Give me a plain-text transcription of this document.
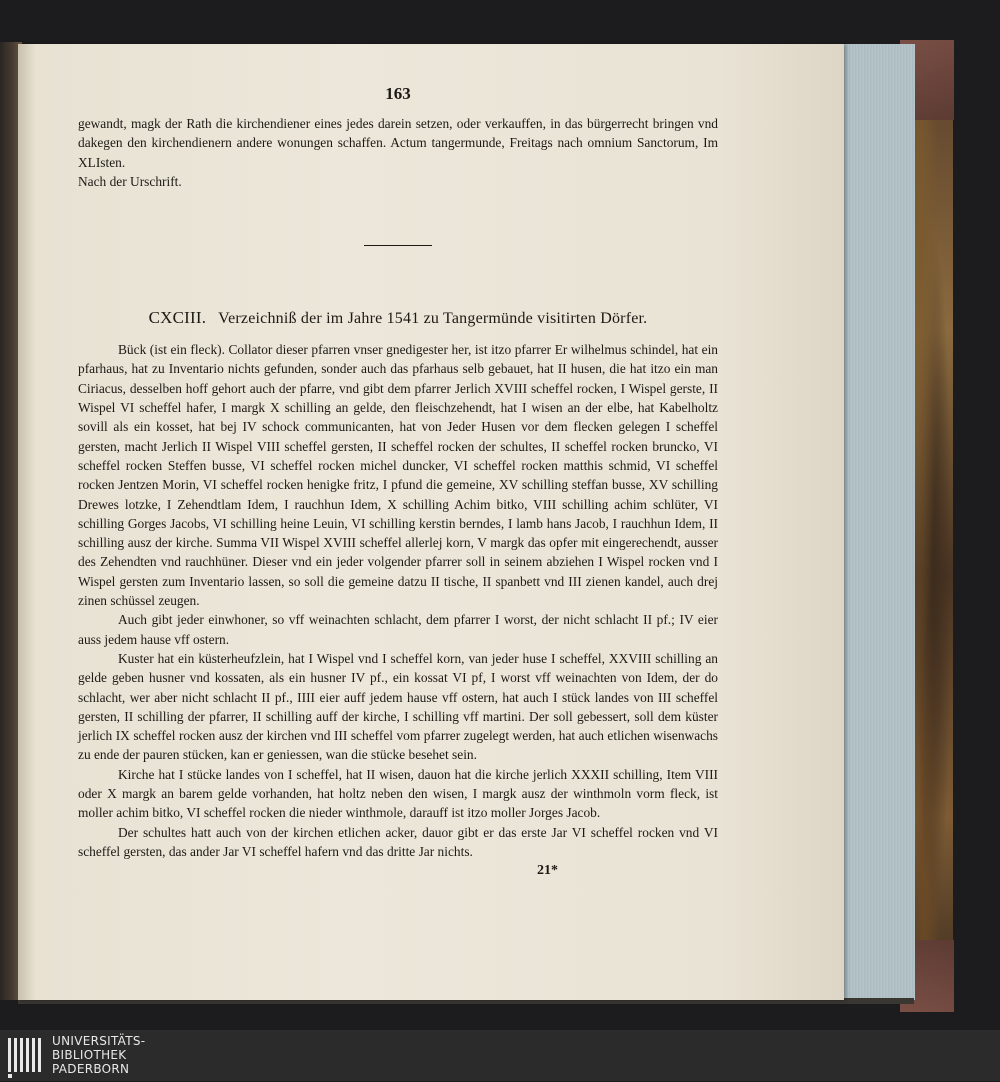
163

gewandt, magk der Rath die kirchendiener eines jedes darein setzen, oder verkauffen, in das bürgerrecht bringen vnd dakegen den kirchendienern andere wonungen schaffen. Actum tangermunde, Freitags nach omnium Sanctorum, Im XLIsten.

Nach der Urschrift.

CXCIII. Verzeichniß der im Jahre 1541 zu Tangermünde visitirten Dörfer.

Bück (ist ein fleck). Collator dieser pfarren vnser gnedigester her, ist itzo pfarrer Er wilhelmus schindel, hat ein pfarhaus, hat zu Inventario nichts gefunden, sonder auch das pfarhaus selb gebauet, hat II husen, die hat itzo ein man Ciriacus, desselben hoff gehort auch der pfarre, vnd gibt dem pfarrer Jerlich XVIII scheffel rocken, I Wispel gerste, II Wispel VI scheffel hafer, I margk X schilling an gelde, den fleischzehendt, hat I wisen an der elbe, hat Kabelholtz sovill als ein kosset, hat bej IV schock communicanten, hat von Jeder Husen vor dem flecken gelegen I scheffel gersten, macht Jerlich II Wispel VIII scheffel gersten, II scheffel rocken der schultes, II scheffel rocken bruncko, VI scheffel rocken Steffen busse, VI scheffel rocken michel duncker, VI scheffel rocken matthis schmid, VI scheffel rocken Jentzen Morin, VI scheffel rocken henigke fritz, I pfund die gemeine, XV schilling steffan busse, XV schilling Drewes lotzke, I Zehendtlam Idem, I rauchhun Idem, X schilling Achim bitko, VIII schilling achim schlüter, VI schilling Gorges Jacobs, VI schilling heine Leuin, VI schilling kerstin berndes, I lamb hans Jacob, I rauchhun Idem, II schilling ausz der kirche. Summa VII Wispel XVIII scheffel allerlej korn, V margk das opfer mit eingerechendt, ausser des Zehendten vnd rauchhüner. Dieser vnd ein jeder volgender pfarrer soll in seinem abziehen I Wispel rocken vnd I Wispel gersten zum Inventario lassen, so soll die gemeine datzu II tische, II spanbett vnd III zienen kandel, auch drej zinen schüssel zeugen.

Auch gibt jeder einwhoner, so vff weinachten schlacht, dem pfarrer I worst, der nicht schlacht II pf.; IV eier auss jedem hause vff ostern.

Kuster hat ein küsterheufzlein, hat I Wispel vnd I scheffel korn, van jeder huse I scheffel, XXVIII schilling an gelde geben husner vnd kossaten, als ein husner IV pf., ein kossat VI pf, I worst vff weinachten von Idem, der do schlacht, wer aber nicht schlacht II pf., IIII eier auff jedem hause vff ostern, hat auch I stück landes von III scheffel gersten, II schilling der pfarrer, II schilling auff der kirche, I schilling vff martini. Der soll gebessert, soll dem küster jerlich IX scheffel rocken ausz der kirchen vnd III scheffel vom pfarrer zugelegt werden, hat auch etlichen wisenwachs zu ende der pauren stücken, kan er geniessen, wan die stücke besehet sein.

Kirche hat I stücke landes von I scheffel, hat II wisen, dauon hat die kirche jerlich XXXII schilling, Item VIII oder X margk an barem gelde vorhanden, hat holtz neben den wisen, I margk ausz der winthmoln vorm fleck, ist moller achim bitko, VI scheffel rocken die nieder winthmole, darauff ist itzo moller Jorges Jacob.

Der schultes hatt auch von der kirchen etlichen acker, dauor gibt er das erste Jar VI scheffel rocken vnd VI scheffel gersten, das ander Jar VI scheffel hafern vnd das dritte Jar nichts.

21*
UNIVERSITÄTS-
BIBLIOTHEK
PADERBORN
